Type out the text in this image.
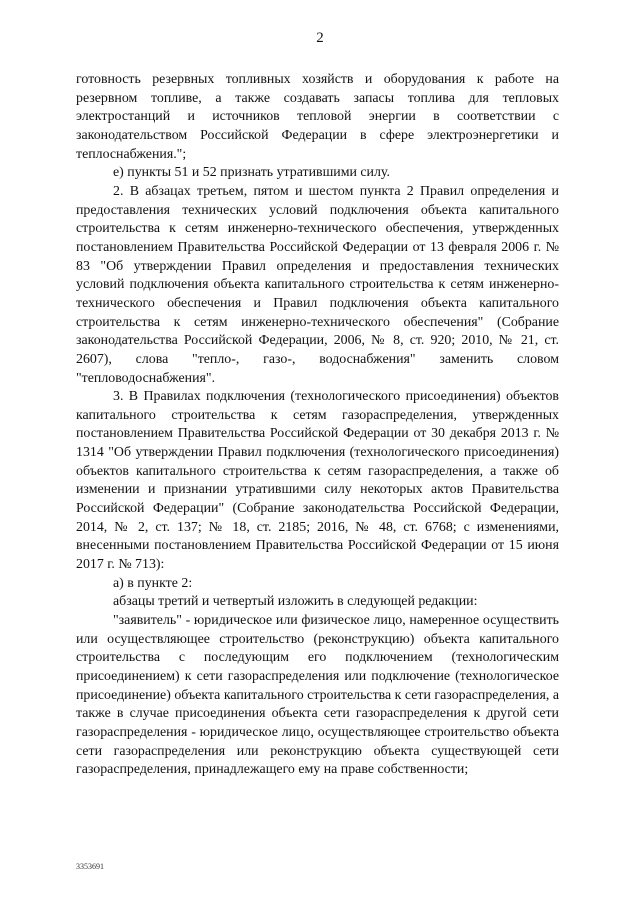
2

готовность резервных топливных хозяйств и оборудования к работе на резервном топливе, а также создавать запасы топлива для тепловых электростанций и источников тепловой энергии в соответствии с законодательством Российской Федерации в сфере электроэнергетики и теплоснабжения.";

е) пункты 51 и 52 признать утратившими силу.

2. В абзацах третьем, пятом и шестом пункта 2 Правил определения и предоставления технических условий подключения объекта капитального строительства к сетям инженерно-технического обеспечения, утвержденных постановлением Правительства Российской Федерации от 13 февраля 2006 г. № 83 "Об утверждении Правил определения и предоставления технических условий подключения объекта капитального строительства к сетям инженерно-технического обеспечения и Правил подключения объекта капитального строительства к сетям инженерно-технического обеспечения" (Собрание законодательства Российской Федерации, 2006, № 8, ст. 920; 2010, № 21, ст. 2607), слова "тепло-, газо-, водоснабжения" заменить словом "тепловодоснабжения".

3. В Правилах подключения (технологического присоединения) объектов капитального строительства к сетям газораспределения, утвержденных постановлением Правительства Российской Федерации от 30 декабря 2013 г. № 1314 "Об утверждении Правил подключения (технологического присоединения) объектов капитального строительства к сетям газораспределения, а также об изменении и признании утратившими силу некоторых актов Правительства Российской Федерации" (Собрание законодательства Российской Федерации, 2014, № 2, ст. 137; № 18, ст. 2185; 2016, № 48, ст. 6768; с изменениями, внесенными постановлением Правительства Российской Федерации от 15 июня 2017 г. № 713):

а) в пункте 2:

абзацы третий и четвертый изложить в следующей редакции:

"заявитель" - юридическое или физическое лицо, намеренное осуществить или осуществляющее строительство (реконструкцию) объекта капитального строительства с последующим его подключением (технологическим присоединением) к сети газораспределения или подключение (технологическое присоединение) объекта капитального строительства к сети газораспределения, а также в случае присоединения объекта сети газораспределения к другой сети газораспределения - юридическое лицо, осуществляющее строительство объекта сети газораспределения или реконструкцию объекта существующей сети газораспределения, принадлежащего ему на праве собственности;

3353691
